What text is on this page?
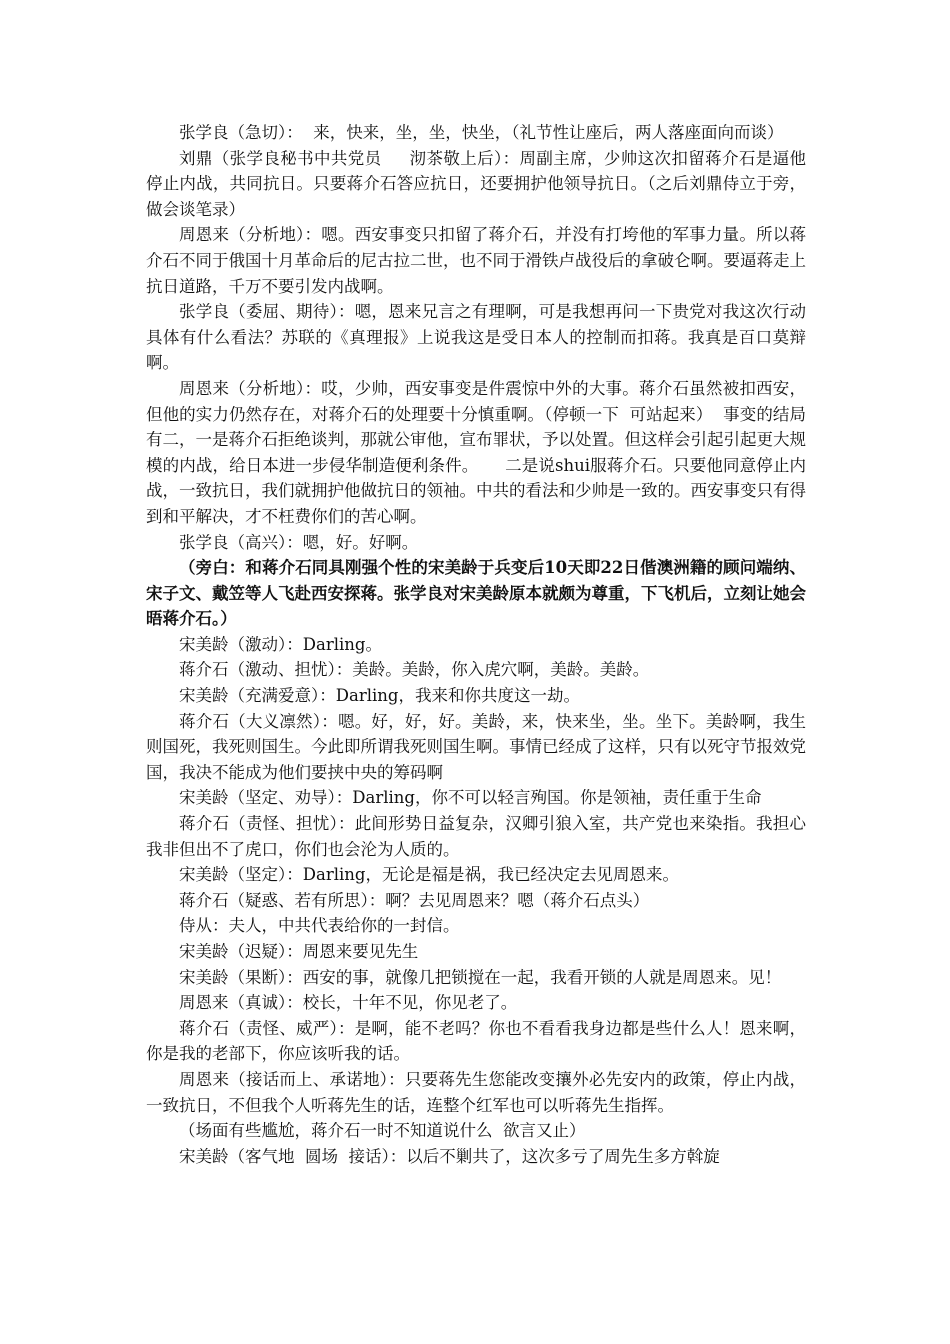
张学良（急切）：  来，快来，坐，坐，快坐，（礼节性让座后，两人落座面向而谈）

刘鼎（张学良秘书中共党员     沏茶敬上后）：周副主席，少帅这次扣留蒋介石是逼他停止内战，共同抗日。只要蒋介石答应抗日，还要拥护他领导抗日。（之后刘鼎侍立于旁，做会谈笔录）

周恩来（分析地）：嗯。西安事变只扣留了蒋介石，并没有打垮他的军事力量。所以蒋介石不同于俄国十月革命后的尼古拉二世，也不同于滑铁卢战役后的拿破仑啊。要逼蒋走上抗日道路，千万不要引发内战啊。

张学良（委屈、期待）：嗯，恩来兄言之有理啊，可是我想再问一下贵党对我这次行动具体有什么看法？苏联的《真理报》上说我这是受日本人的控制而扣蒋。我真是百口莫辩啊。

周恩来（分析地）：哎，少帅，西安事变是件震惊中外的大事。蒋介石虽然被扣西安，但他的实力仍然存在，对蒋介石的处理要十分慎重啊。（停顿一下  可站起来）  事变的结局有二，一是蒋介石拒绝谈判，那就公审他，宣布罪状，予以处置。但这样会引起引起更大规模的内战，给日本进一步侵华制造便利条件。     二是说shui服蒋介石。只要他同意停止内战，一致抗日，我们就拥护他做抗日的领袖。中共的看法和少帅是一致的。西安事变只有得到和平解决，才不枉费你们的苦心啊。

张学良（高兴）：嗯，好。好啊。

（旁白：和蒋介石同具刚强个性的宋美龄于兵变后10天即22日偕澳洲籍的顾问端纳、宋子文、戴笠等人飞赴西安探蒋。张学良对宋美龄原本就颇为尊重，下飞机后，立刻让她会晤蒋介石。）

宋美龄（激动）：Darling。

蒋介石（激动、担忧）：美龄。美龄，你入虎穴啊，美龄。美龄。

宋美龄（充满爱意）：Darling，我来和你共度这一劫。

蒋介石（大义凛然）：嗯。好，好，好。美龄，来，快来坐，坐。坐下。美龄啊，我生则国死，我死则国生。今此即所谓我死则国生啊。事情已经成了这样，只有以死守节报效党国，我决不能成为他们要挟中央的筹码啊

宋美龄（坚定、劝导）：Darling，你不可以轻言殉国。你是领袖，责任重于生命

蒋介石（责怪、担忧）：此间形势日益复杂，汉卿引狼入室，共产党也来染指。我担心我非但出不了虎口，你们也会沦为人质的。

宋美龄（坚定）：Darling，无论是福是祸，我已经决定去见周恩来。

蒋介石（疑惑、若有所思）：啊？去见周恩来？嗯（蒋介石点头）

侍从：夫人，中共代表给你的一封信。

宋美龄（迟疑）：周恩来要见先生

宋美龄（果断）：西安的事，就像几把锁搅在一起，我看开锁的人就是周恩来。见！

周恩来（真诚）：校长，十年不见，你见老了。

蒋介石（责怪、威严）：是啊，能不老吗？你也不看看我身边都是些什么人！恩来啊，你是我的老部下，你应该听我的话。

周恩来（接话而上、承诺地）：只要蒋先生您能改变攘外必先安内的政策，停止内战，一致抗日，不但我个人听蒋先生的话，连整个红军也可以听蒋先生指挥。

（场面有些尴尬，蒋介石一时不知道说什么  欲言又止）

宋美龄（客气地  圆场  接话）：以后不剿共了，这次多亏了周先生多方斡旋
